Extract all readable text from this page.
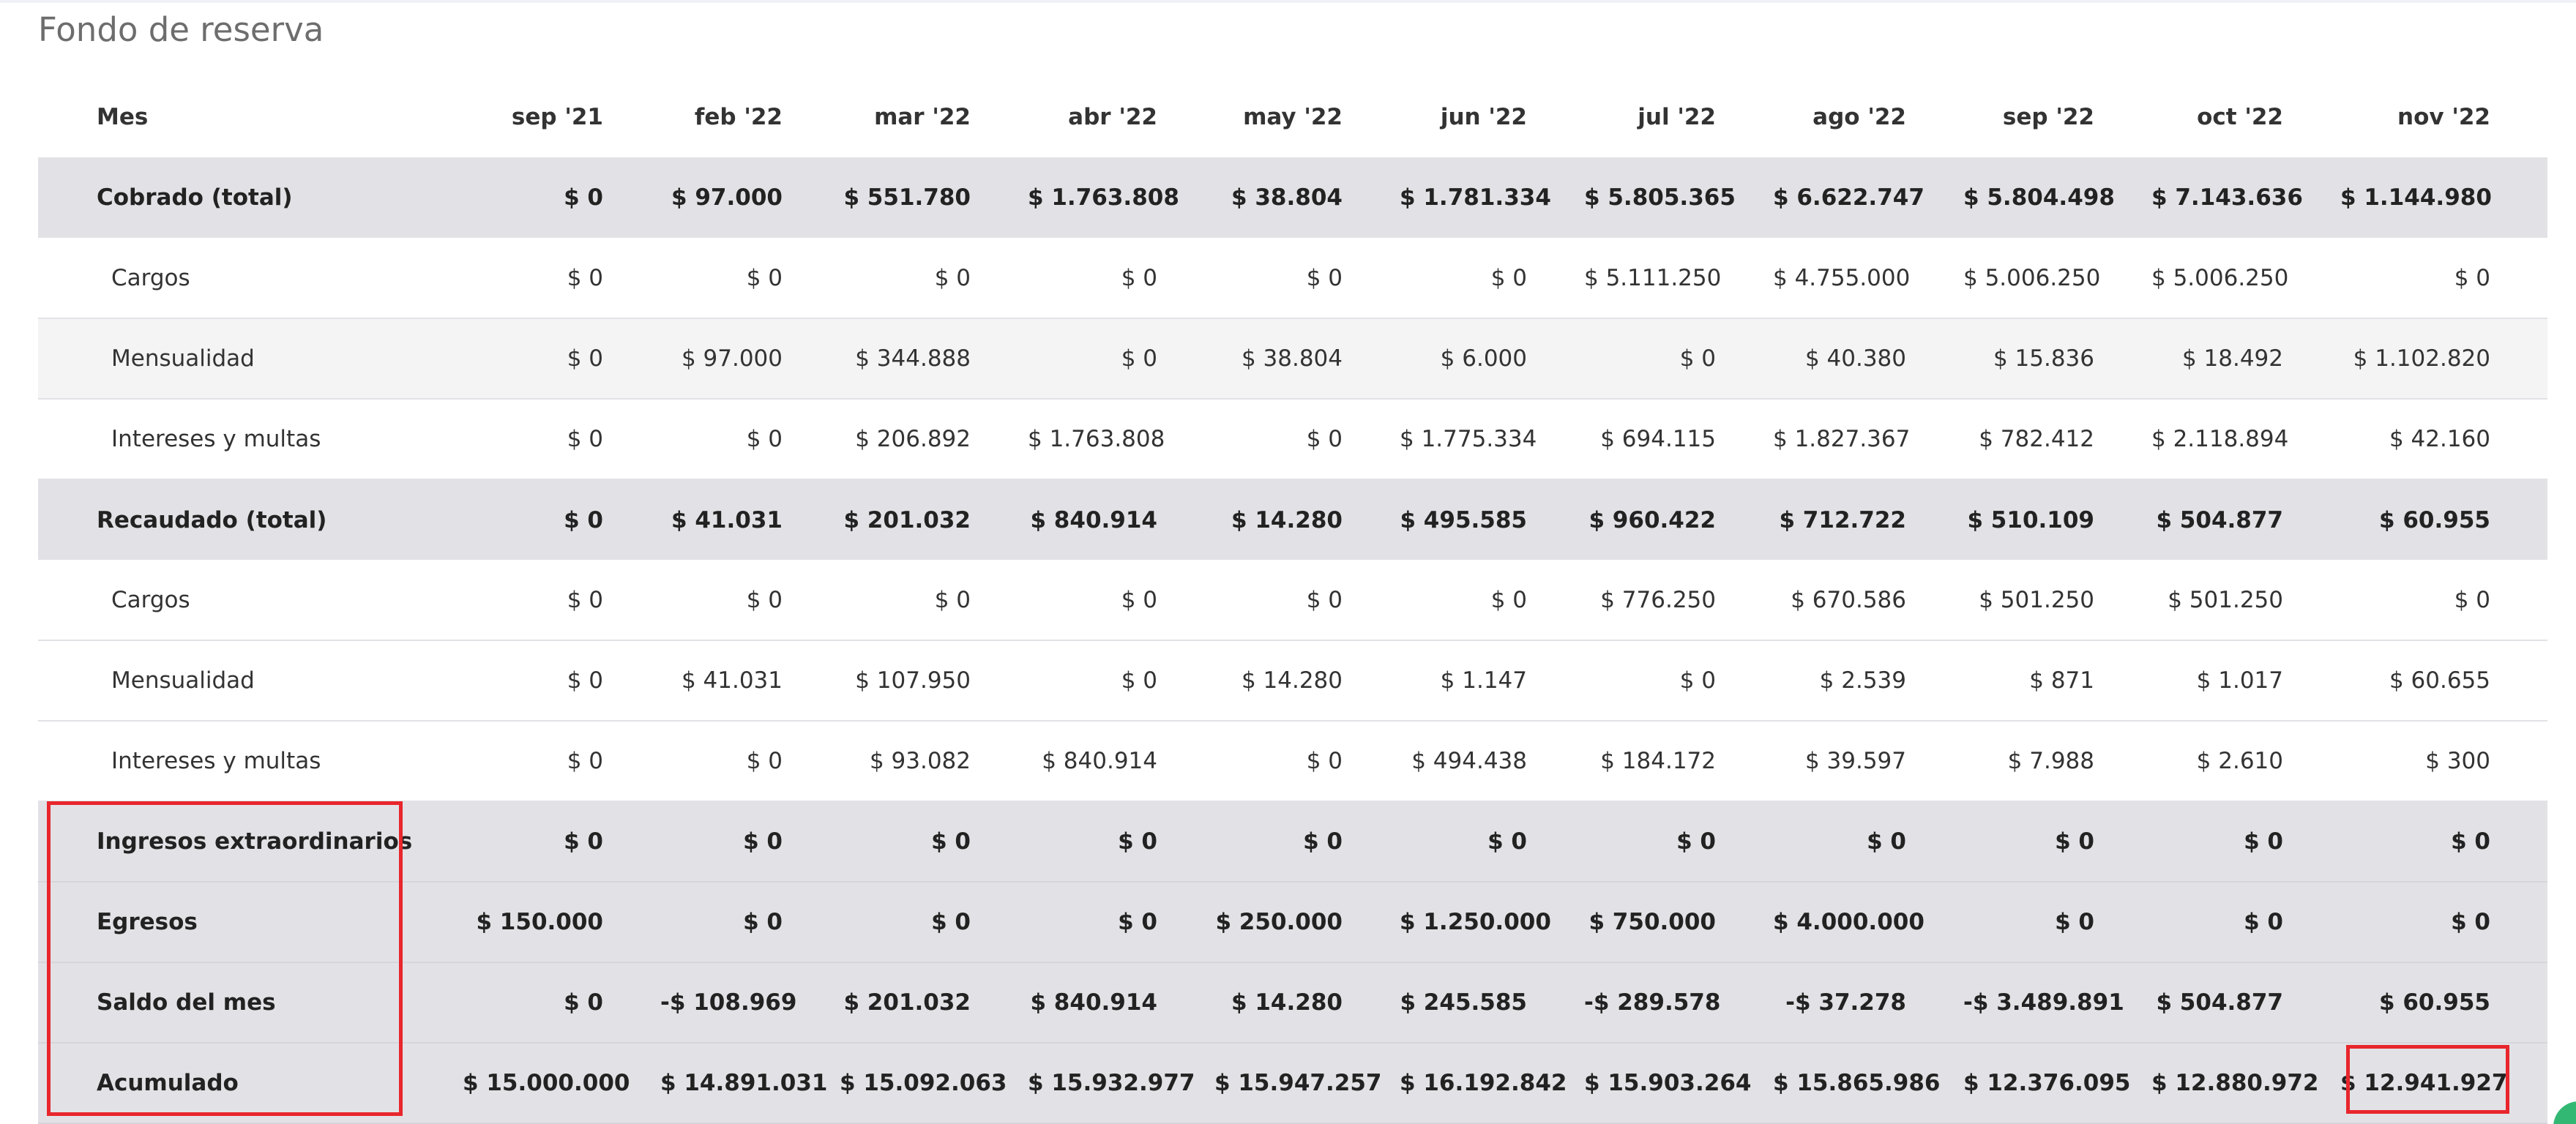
Fondo de reserva
Mes	sep '21	feb '22	mar '22	abr '22	may '22	jun '22	jul '22	ago '22	sep '22	oct '22	nov '22
Cobrado (total)	$ 0	$ 97.000	$ 551.780	$ 1.763.808	$ 38.804	$ 1.781.334	$ 5.805.365	$ 6.622.747	$ 5.804.498	$ 7.143.636	$ 1.144.980
Cargos	$ 0	$ 0	$ 0	$ 0	$ 0	$ 0	$ 5.111.250	$ 4.755.000	$ 5.006.250	$ 5.006.250	$ 0
Mensualidad	$ 0	$ 97.000	$ 344.888	$ 0	$ 38.804	$ 6.000	$ 0	$ 40.380	$ 15.836	$ 18.492	$ 1.102.820
Intereses y multas	$ 0	$ 0	$ 206.892	$ 1.763.808	$ 0	$ 1.775.334	$ 694.115	$ 1.827.367	$ 782.412	$ 2.118.894	$ 42.160
Recaudado (total)	$ 0	$ 41.031	$ 201.032	$ 840.914	$ 14.280	$ 495.585	$ 960.422	$ 712.722	$ 510.109	$ 504.877	$ 60.955
Cargos	$ 0	$ 0	$ 0	$ 0	$ 0	$ 0	$ 776.250	$ 670.586	$ 501.250	$ 501.250	$ 0
Mensualidad	$ 0	$ 41.031	$ 107.950	$ 0	$ 14.280	$ 1.147	$ 0	$ 2.539	$ 871	$ 1.017	$ 60.655
Intereses y multas	$ 0	$ 0	$ 93.082	$ 840.914	$ 0	$ 494.438	$ 184.172	$ 39.597	$ 7.988	$ 2.610	$ 300
Ingresos extraordinarios	$ 0	$ 0	$ 0	$ 0	$ 0	$ 0	$ 0	$ 0	$ 0	$ 0	$ 0
Egresos	$ 150.000	$ 0	$ 0	$ 0	$ 250.000	$ 1.250.000	$ 750.000	$ 4.000.000	$ 0	$ 0	$ 0
Saldo del mes	$ 0	-$ 108.969	$ 201.032	$ 840.914	$ 14.280	$ 245.585	-$ 289.578	-$ 37.278	-$ 3.489.891	$ 504.877	$ 60.955
Acumulado	$ 15.000.000	$ 14.891.031	$ 15.092.063	$ 15.932.977	$ 15.947.257	$ 16.192.842	$ 15.903.264	$ 15.865.986	$ 12.376.095	$ 12.880.972	$ 12.941.927
